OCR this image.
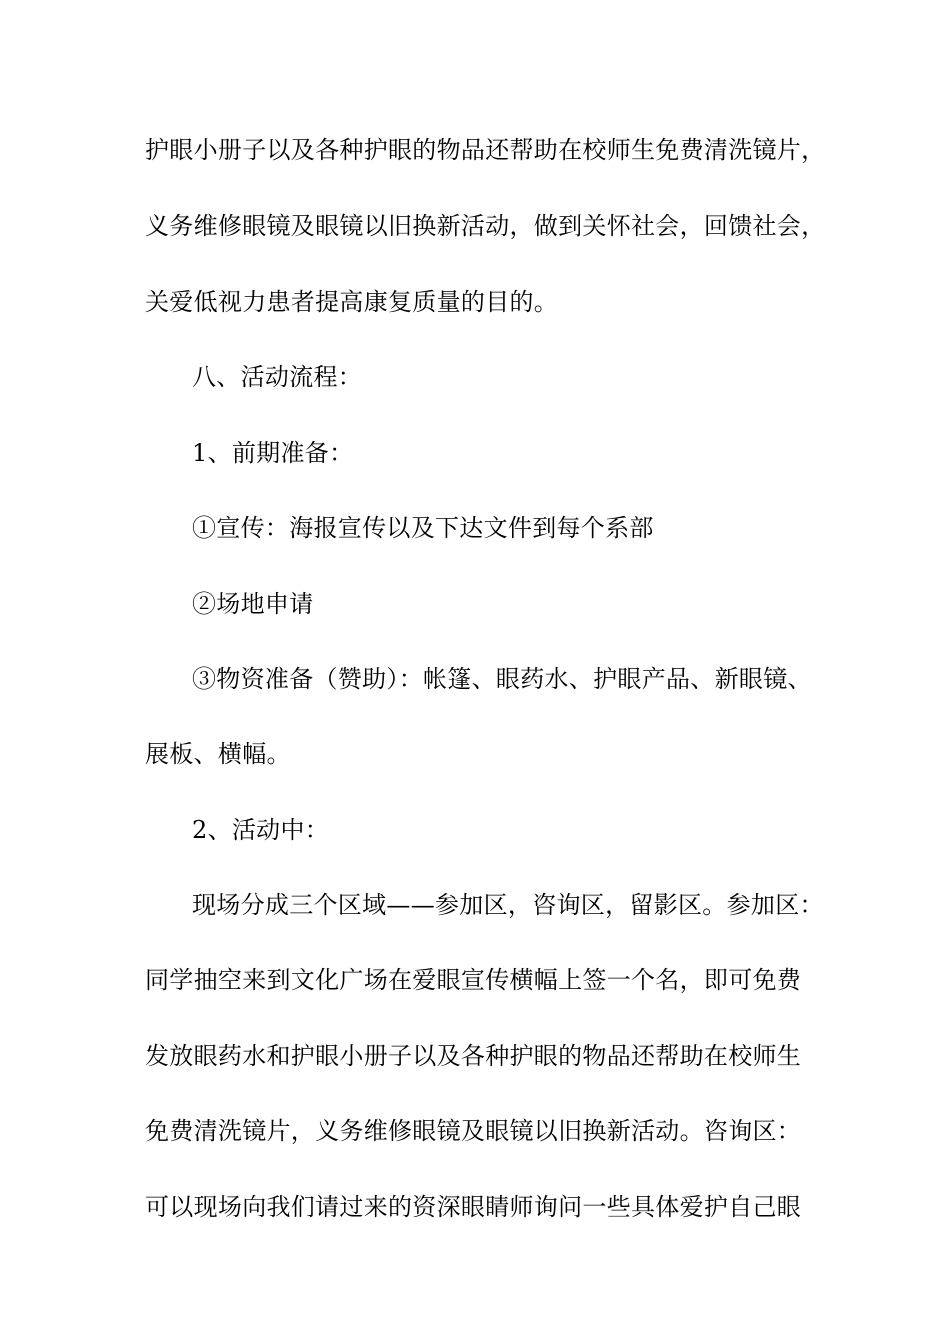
护眼小册子以及各种护眼的物品还帮助在校师生免费清洗镜片，
义务维修眼镜及眼镜以旧换新活动，做到关怀社会，回馈社会，
关爱低视力患者提高康复质量的目的。
八、活动流程：
1、前期准备：
①宣传：海报宣传以及下达文件到每个系部
②场地申请
③物资准备（赞助）：帐篷、眼药水、护眼产品、新眼镜、
展板、横幅。
2、活动中：
现场分成三个区域——参加区，咨询区，留影区。参加区：
同学抽空来到文化广场在爱眼宣传横幅上签一个名，即可免费
发放眼药水和护眼小册子以及各种护眼的物品还帮助在校师生
免费清洗镜片，义务维修眼镜及眼镜以旧换新活动。咨询区：
可以现场向我们请过来的资深眼睛师询问一些具体爱护自己眼
